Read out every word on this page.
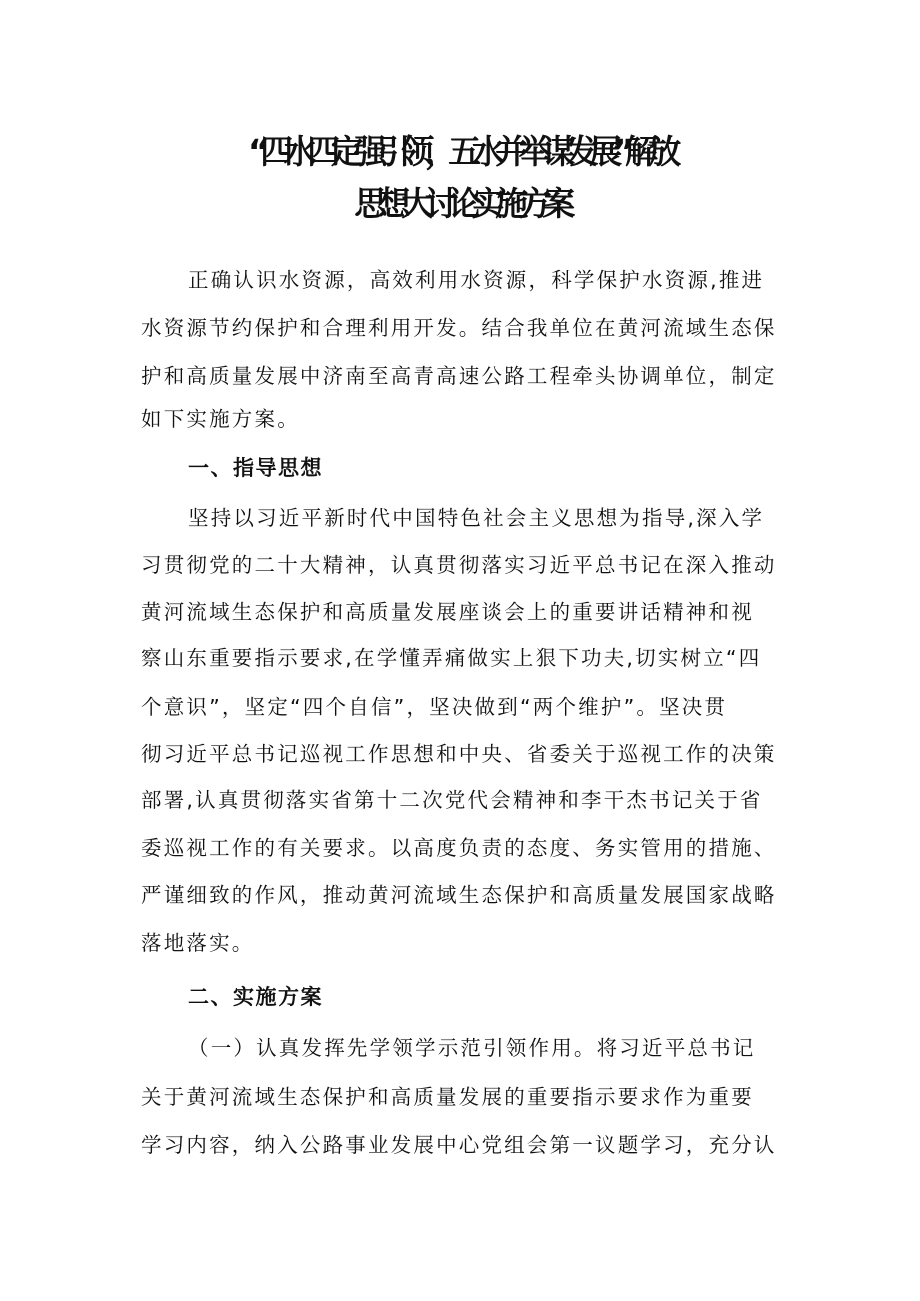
“四水四定强引领，五水并举谋发展”解放
思想大讨论实施方案
正确认识水资源，高效利用水资源，科学保护水资源,推进
水资源节约保护和合理利用开发。结合我单位在黄河流域生态保
护和高质量发展中济南至高青高速公路工程牵头协调单位，制定
如下实施方案。
一、指导思想
坚持以习近平新时代中国特色社会主义思想为指导,深入学
习贯彻党的二十大精神，认真贯彻落实习近平总书记在深入推动
黄河流域生态保护和高质量发展座谈会上的重要讲话精神和视
察山东重要指示要求,在学懂弄痛做实上狠下功夫,切实树立“四
个意识”，坚定“四个自信”，坚决做到“两个维护”。坚决贯
彻习近平总书记巡视工作思想和中央、省委关于巡视工作的决策
部署,认真贯彻落实省第十二次党代会精神和李干杰书记关于省
委巡视工作的有关要求。以高度负责的态度、务实管用的措施、
严谨细致的作风，推动黄河流域生态保护和高质量发展国家战略
落地落实。
二、实施方案
（一）认真发挥先学领学示范引领作用。将习近平总书记
关于黄河流域生态保护和高质量发展的重要指示要求作为重要
学习内容，纳入公路事业发展中心党组会第一议题学习，充分认
